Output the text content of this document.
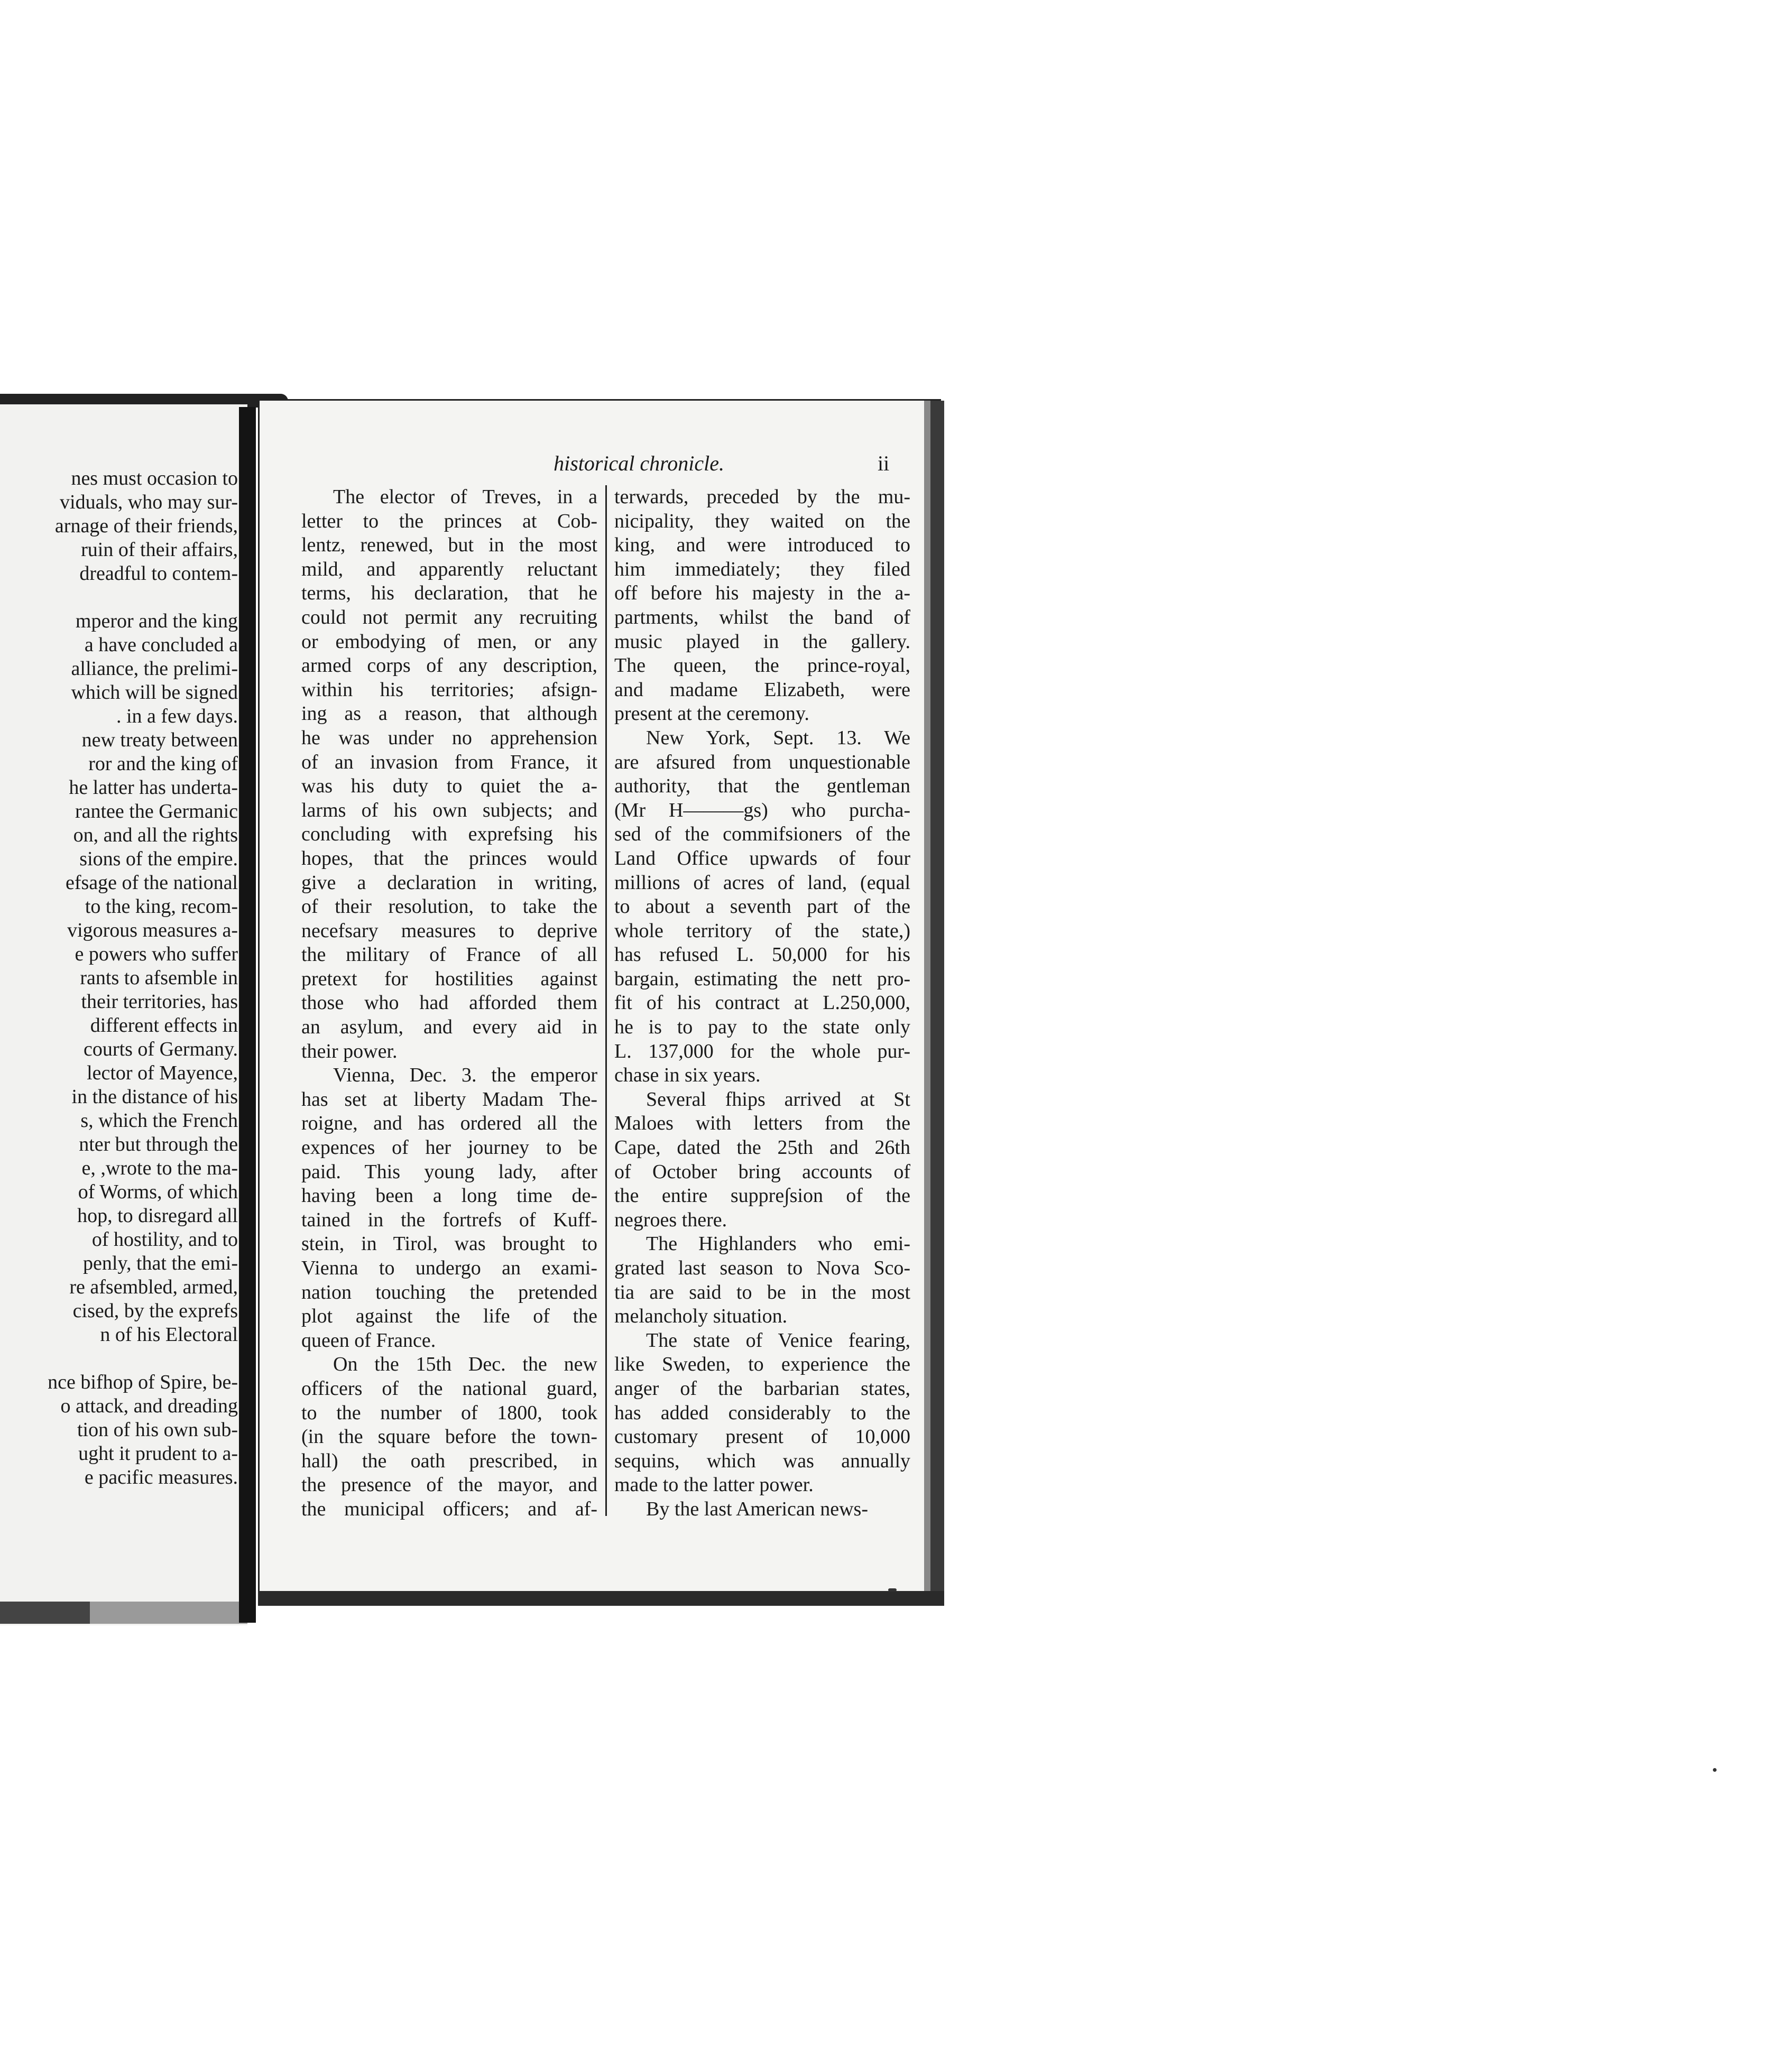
nes must occasion to
viduals, who may sur-
arnage of their friends,
ruin of their affairs,
dreadful to contem-
mperor and the king
a have concluded a
alliance, the prelimi-
which will be signed
. in a few days.
new treaty between
ror and the king of
he latter has underta-
rantee the Germanic
on, and all the rights
sions of the empire.
efsage of the national
to the king, recom-
vigorous measures a-
e powers who suffer
rants to afsemble in
their territories, has
different effects in
courts of Germany.
lector of Mayence,
in the distance of his
s, which the French
nter but through the
e, ,wrote to the ma-
of Worms, of which
hop, to disregard all
of hostility, and to
penly, that the emi-
re afsembled, armed,
cised, by the exprefs
n of his Electoral
nce bifhop of Spire, be-
o attack, and dreading
tion of his own sub-
ught it prudent to a-
e pacific measures.
historical chronicle.	ii
The elector of Treves, in a
letter to the princes at Cob-
lentz, renewed, but in the most
mild, and apparently reluctant
terms, his declaration, that he
could not permit any recruiting
or embodying of men, or any
armed corps of any description,
within his territories; afsign-
ing as a reason, that although
he was under no apprehension
of an invasion from France, it
was his duty to quiet the a-
larms of his own subjects; and
concluding with exprefsing his
hopes, that the princes would
give a declaration in writing,
of their resolution, to take the
necefsary measures to deprive
the military of France of all
pretext for hostilities against
those who had afforded them
an asylum, and every aid in
their power.
Vienna, Dec. 3. the emperor
has set at liberty Madam The-
roigne, and has ordered all the
expences of her journey to be
paid. This young lady, after
having been a long time de-
tained in the fortrefs of Kuff-
stein, in Tirol, was brought to
Vienna to undergo an exami-
nation touching the pretended
plot against the life of the
queen of France.
On the 15th Dec. the new
officers of the national guard,
to the number of 1800, took
(in the square before the town-
hall) the oath prescribed, in
the presence of the mayor, and
the municipal officers; and af-
terwards, preceded by the mu-
nicipality, they waited on the
king, and were introduced to
him immediately; they filed
off before his majesty in the a-
partments, whilst the band of
music played in the gallery.
The queen, the prince-royal,
and madame Elizabeth, were
present at the ceremony.
New York, Sept. 13. We
are afsured from unquestionable
authority, that the gentleman
(Mr H———gs) who purcha-
sed of the commifsioners of the
Land Office upwards of four
millions of acres of land, (equal
to about a seventh part of the
whole territory of the state,)
has refused L. 50,000 for his
bargain, estimating the nett pro-
fit of his contract at L.250,000,
he is to pay to the state only
L. 137,000 for the whole pur-
chase in six years.
Several fhips arrived at St
Maloes with letters from the
Cape, dated the 25th and 26th
of October bring accounts of
the entire suppre∫sion of the
negroes there.
The Highlanders who emi-
grated last season to Nova Sco-
tia are said to be in the most
melancholy situation.
The state of Venice fearing,
like Sweden, to experience the
anger of the barbarian states,
has added considerably to the
customary present of 10,000
sequins, which was annually
made to the latter power.
By the last American news-
